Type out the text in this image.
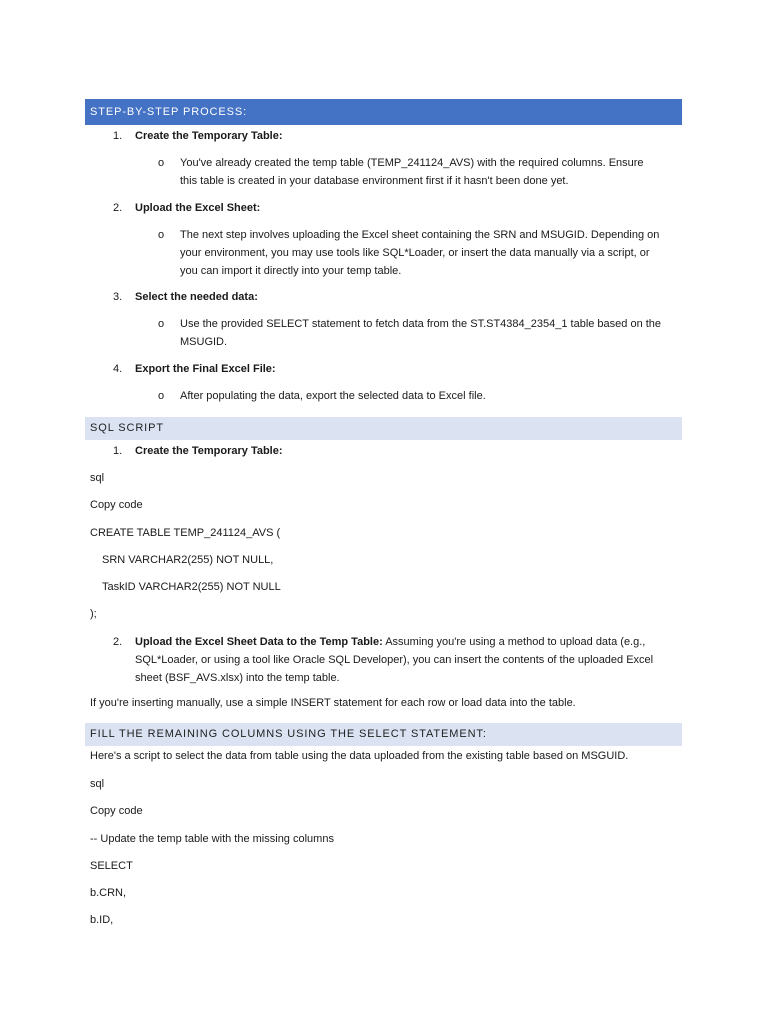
STEP-BY-STEP PROCESS:
1. Create the Temporary Table:
o You've already created the temp table (TEMP_241124_AVS) with the required columns. Ensure
this table is created in your database environment first if it hasn't been done yet.
2. Upload the Excel Sheet:
o The next step involves uploading the Excel sheet containing the SRN and MSUGID. Depending on
your environment, you may use tools like SQL*Loader, or insert the data manually via a script, or
you can import it directly into your temp table.
3. Select the needed data:
o Use the provided SELECT statement to fetch data from the ST.ST4384_2354_1 table based on the
MSUGID.
4. Export the Final Excel File:
o After populating the data, export the selected data to Excel file.
SQL SCRIPT
1. Create the Temporary Table:
sql
Copy code
CREATE TABLE TEMP_241124_AVS (
SRN VARCHAR2(255) NOT NULL,
TaskID VARCHAR2(255) NOT NULL
);
2. Upload the Excel Sheet Data to the Temp Table: Assuming you're using a method to upload data (e.g.,
SQL*Loader, or using a tool like Oracle SQL Developer), you can insert the contents of the uploaded Excel
sheet (BSF_AVS.xlsx) into the temp table.
If you're inserting manually, use a simple INSERT statement for each row or load data into the table.
FILL THE REMAINING COLUMNS USING THE SELECT STATEMENT:
Here's a script to select the data from table using the data uploaded from the existing table based on MSGUID.
sql
Copy code
-- Update the temp table with the missing columns
SELECT
b.CRN,
b.ID,
